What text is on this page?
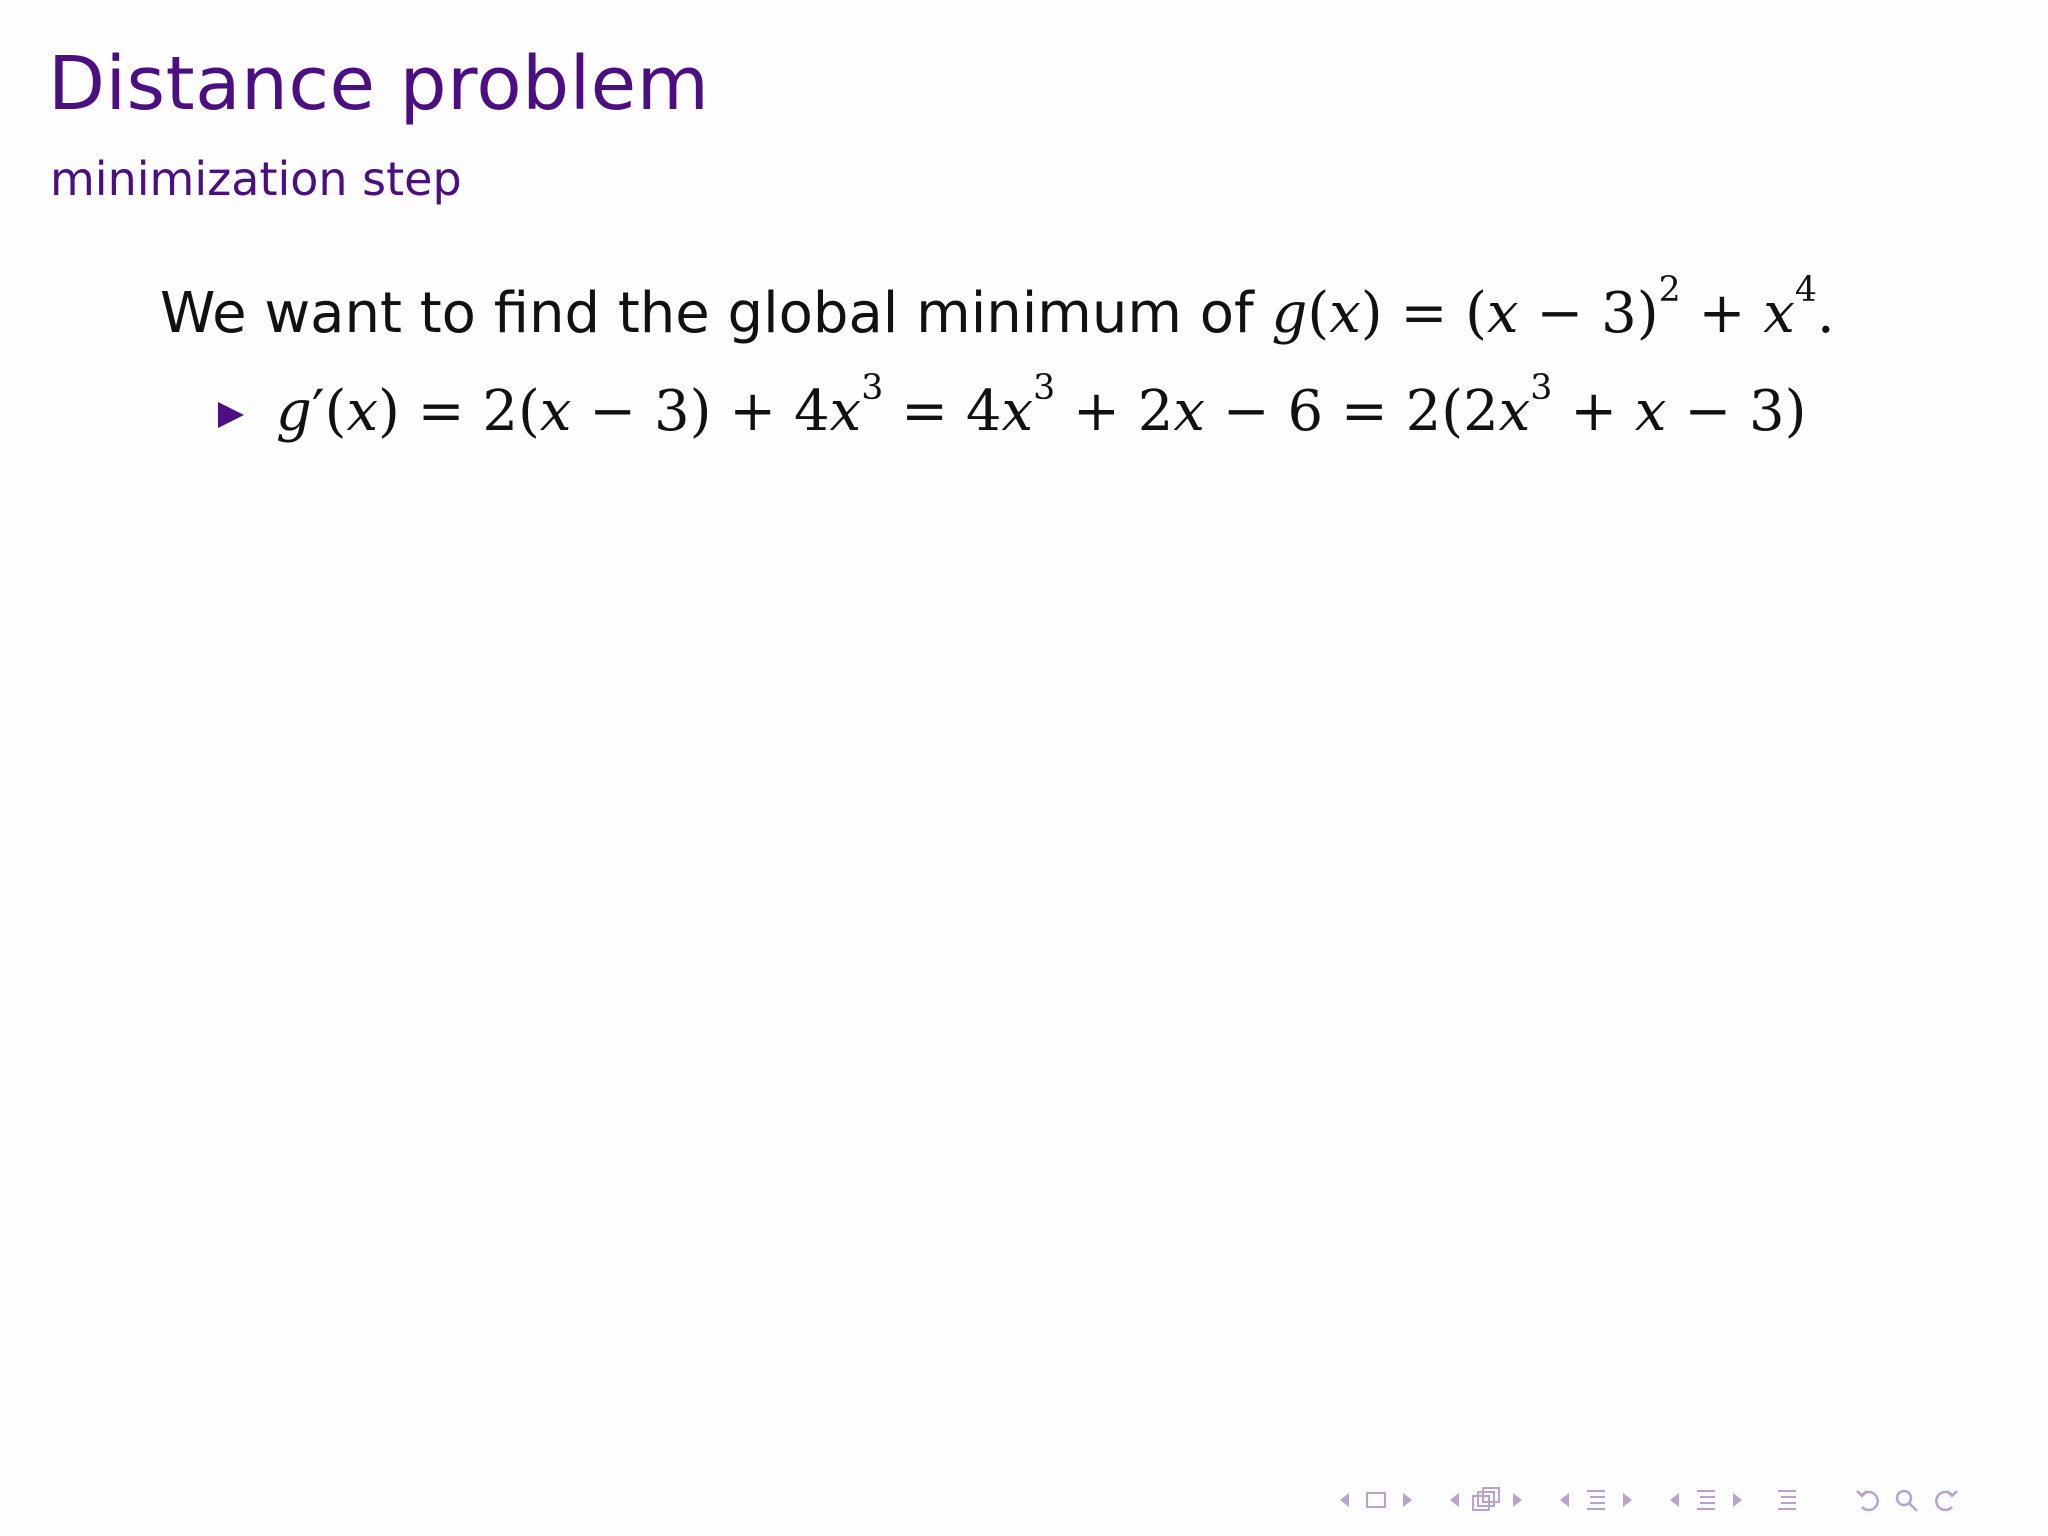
Distance problem
minimization step
We want to find the global minimum of $g(x) = (x - 3)^2 + x^4$.
$g'(x) = 2(x - 3) + 4x^3 = 4x^3 + 2x - 6 = 2(2x^3 + x - 3)$
